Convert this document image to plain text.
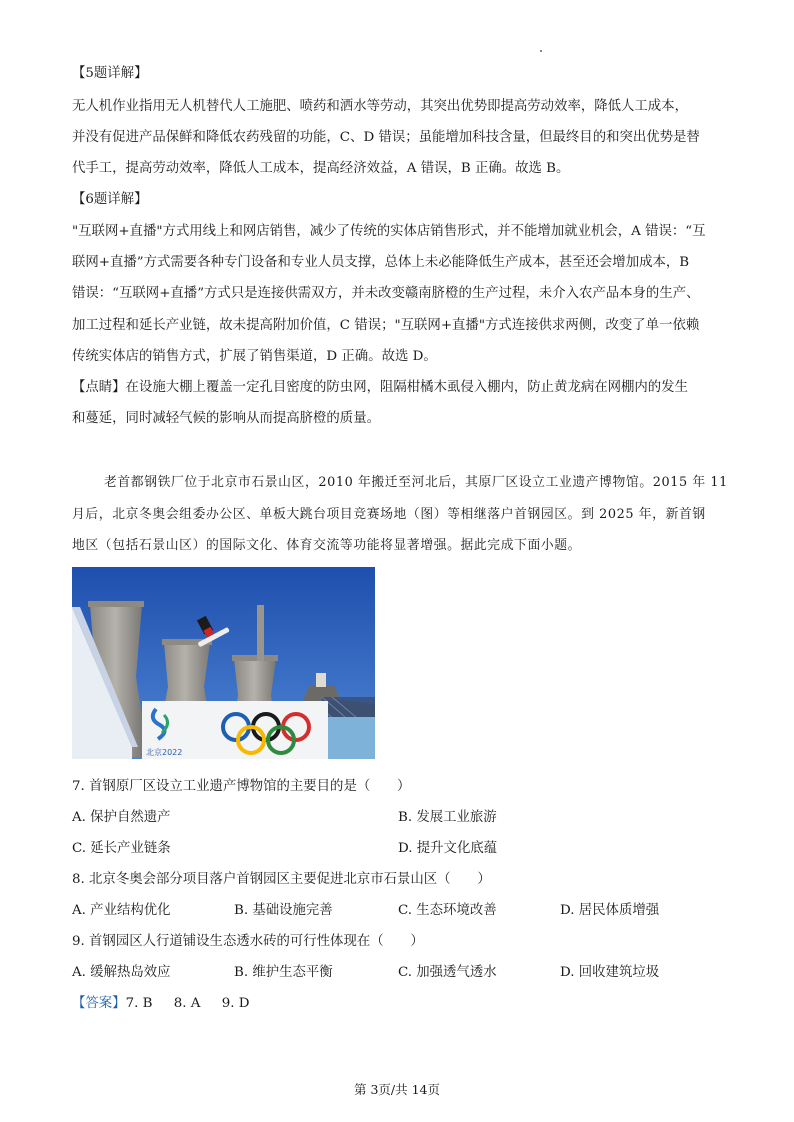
【5题详解】
无人机作业指用无人机替代人工施肥、喷药和洒水等劳动，其突出优势即提高劳动效率，降低人工成本，
并没有促进产品保鲜和降低农药残留的功能，C、D 错误；虽能增加科技含量，但最终目的和突出优势是替
代手工，提高劳动效率，降低人工成本，提高经济效益，A 错误，B 正确。故选 B。
【6题详解】
"互联网+直播"方式用线上和网店销售，减少了传统的实体店销售形式，并不能增加就业机会，A 错误：“互
联网+直播”方式需要各种专门设备和专业人员支撑，总体上未必能降低生产成本，甚至还会增加成本，B
错误：“互联网+直播”方式只是连接供需双方，并未改变赣南脐橙的生产过程，未介入农产品本身的生产、
加工过程和延长产业链，故未提高附加价值，C 错误；"互联网+直播"方式连接供求两侧，改变了单一依赖
传统实体店的销售方式，扩展了销售渠道，D 正确。故选 D。
【点睛】在设施大棚上覆盖一定孔目密度的防虫网，阻隔柑橘木虱侵入棚内，防止黄龙病在网棚内的发生
和蔓延，同时减轻气候的影响从而提高脐橙的质量。
老首都钢铁厂位于北京市石景山区，2010 年搬迁至河北后，其原厂区设立工业遗产博物馆。2015 年 11
月后，北京冬奥会组委办公区、单板大跳台项目竞赛场地（图）等相继落户首钢园区。到 2025 年，新首钢
地区（包括石景山区）的国际文化、体育交流等功能将显著增强。据此完成下面小题。
北京2022
7. 首钢原厂区设立工业遗产博物馆的主要目的是（　　）
A. 保护自然遗产	B. 发展工业旅游
C. 延长产业链条	D. 提升文化底蕴
8. 北京冬奥会部分项目落户首钢园区主要促进北京市石景山区（　　）
A. 产业结构优化	B. 基础设施完善	C. 生态环境改善	D. 居民体质增强
9. 首钢园区人行道铺设生态透水砖的可行性体现在（　　）
A. 缓解热岛效应	B. 维护生态平衡	C. 加强透气透水	D. 回收建筑垃圾
【答案】7. B 8. A 9. D
第 3页/共 14页
